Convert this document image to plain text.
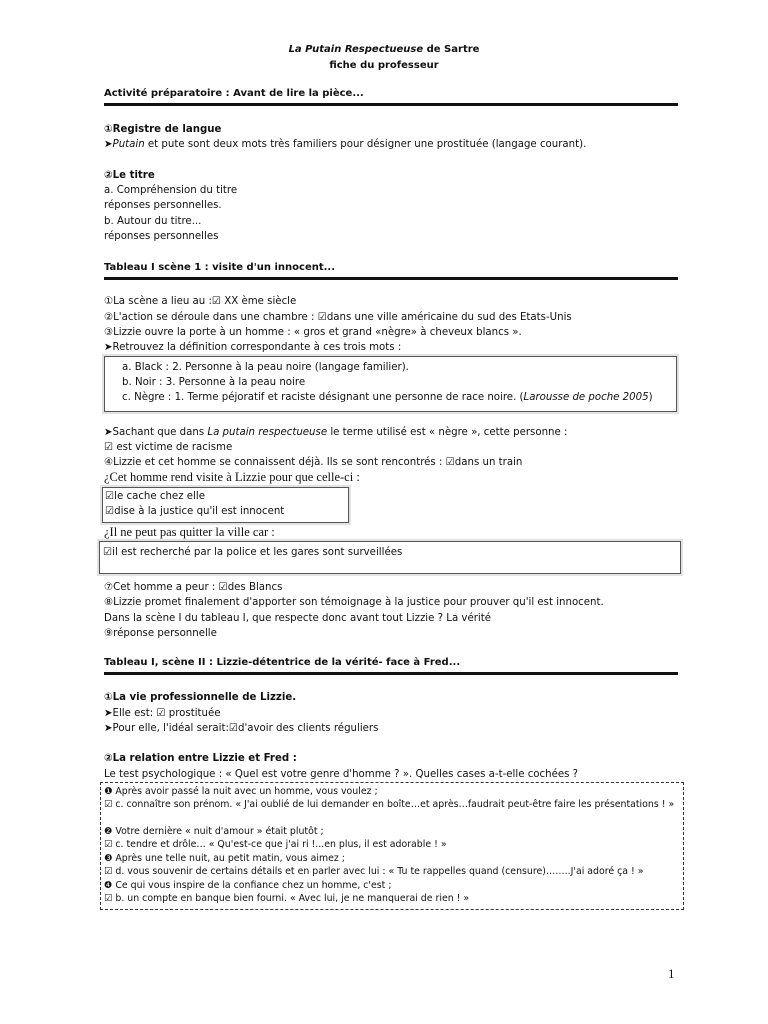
La Putain Respectueuse de Sartre
fiche du professeur
Activité préparatoire : Avant de lire la pièce...
①Registre de langue
➤Putain et pute sont deux mots très familiers pour désigner une prostituée (langage courant).
②Le titre
a. Compréhension du titre
réponses personnelles.
b. Autour du titre...
réponses personnelles
Tableau I scène 1 : visite d'un innocent...
①La scène a lieu au :☑ XX ème siècle
②L'action se déroule dans une chambre : ☑dans une ville américaine du sud des Etats-Unis
③Lizzie ouvre la porte à un homme : « gros et grand «nègre» à cheveux blancs ».
➤Retrouvez la définition correspondante à ces trois mots :
a. Black : 2. Personne à la peau noire (langage familier).
b. Noir : 3. Personne à la peau noire
c. Nègre : 1. Terme péjoratif et raciste désignant une personne de race noire. (Larousse de poche 2005)
➤Sachant que dans La putain respectueuse le terme utilisé est « nègre », cette personne :
☑ est victime de racisme
④Lizzie et cet homme se connaissent déjà. Ils se sont rencontrés : ☑dans un train
¿Cet homme rend visite à Lizzie pour que celle-ci :
☑le cache chez elle
☑dise à la justice qu'il est innocent
¿Il ne peut pas quitter la ville car :
☑il est recherché par la police et les gares sont surveillées
⑦Cet homme a peur : ☑des Blancs
⑧Lizzie promet finalement d'apporter son témoignage à la justice pour prouver qu'il est innocent.
Dans la scène I du tableau I, que respecte donc avant tout Lizzie ? La vérité
⑨réponse personnelle
Tableau I, scène II : Lizzie-détentrice de la vérité- face à Fred...
①La vie professionnelle de Lizzie.
➤Elle est: ☑ prostituée
➤Pour elle, l'idéal serait:☑d'avoir des clients réguliers
②La relation entre Lizzie et Fred :
Le test psychologique : « Quel est votre genre d'homme ? ». Quelles cases a-t-elle cochées ?
❶ Après avoir passé la nuit avec un homme, vous voulez ;
☑ c. connaître son prénom. « J'ai oublié de lui demander en boîte…et après…faudrait peut-être faire les présentations ! »
❷ Votre dernière « nuit d'amour » était plutôt ;
☑ c. tendre et drôle… « Qu'est-ce que j'ai ri !...en plus, il est adorable ! »
❸ Après une telle nuit, au petit matin, vous aimez ;
☑ d. vous souvenir de certains détails et en parler avec lui : « Tu te rappelles quand (censure)……..J'ai adoré ça ! »
❹ Ce qui vous inspire de la confiance chez un homme, c'est ;
☑ b. un compte en banque bien fourni. « Avec lui, je ne manquerai de rien ! »
1
